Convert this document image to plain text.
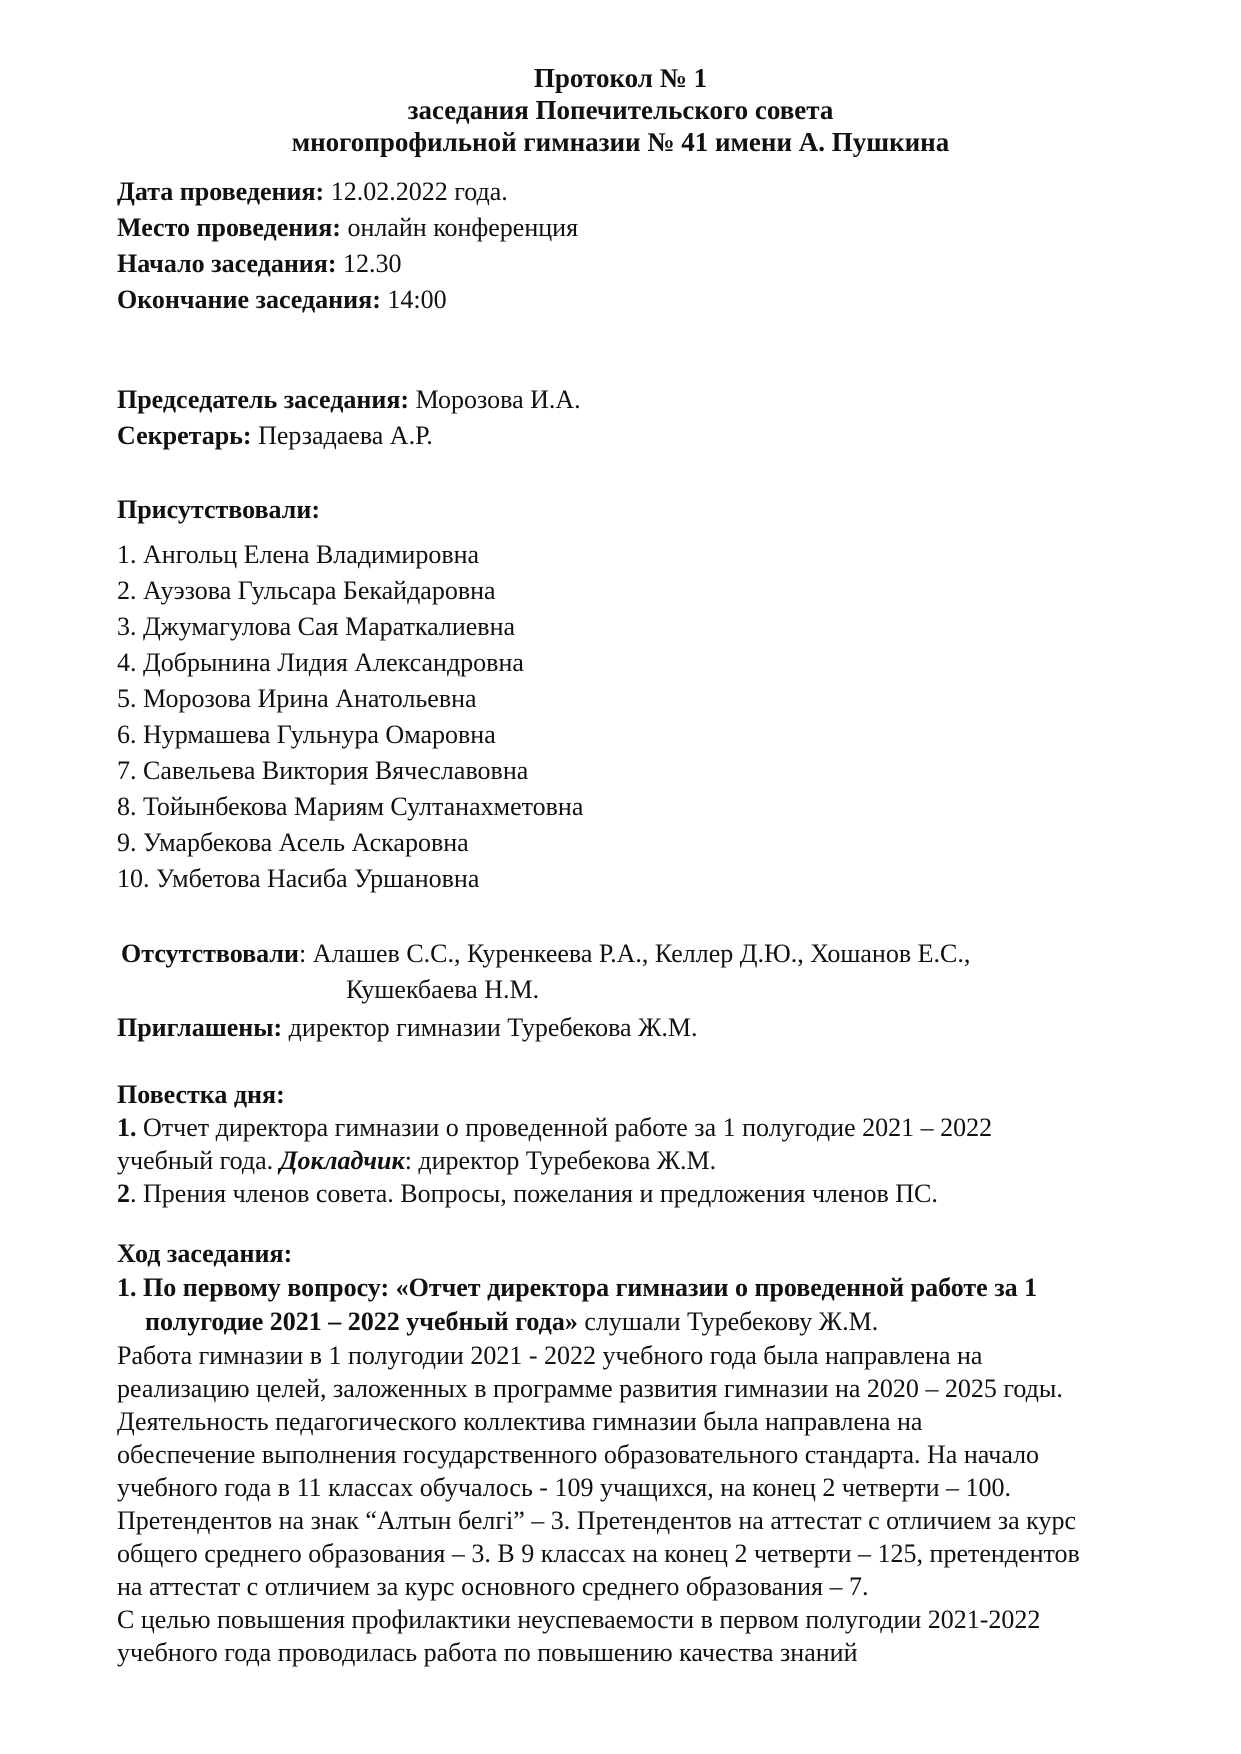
Протокол № 1
заседания Попечительского совета
многопрофильной гимназии № 41 имени А. Пушкина
Дата проведения: 12.02.2022 года.
Место проведения: онлайн конференция
Начало заседания: 12.30
Окончание заседания: 14:00
Председатель заседания: Морозова И.А.
Секретарь: Перзадаева А.Р.
Присутствовали:
1. Ангольц Елена Владимировна
2. Ауэзова Гульсара Бекайдаровна
3. Джумагулова Сая Мараткалиевна
4. Добрынина Лидия Александровна
5. Морозова Ирина Анатольевна
6. Нурмашева Гульнура Омаровна
7. Савельева Виктория Вячеславовна
8. Тойынбекова Мариям Султанахметовна
9. Умарбекова Асель Аскаровна
10. Умбетова Насиба Уршановна
Отсутствовали: Алашев С.С., Куренкеева Р.А., Келлер Д.Ю., Хошанов Е.С.,
Кушекбаева Н.М.
Приглашены: директор гимназии Туребекова Ж.М.
Повестка дня:
1. Отчет директора гимназии о проведенной работе за 1 полугодие 2021 – 2022
учебный года. Докладчик: директор Туребекова Ж.М.
2. Прения членов совета. Вопросы, пожелания и предложения членов ПС.
Ход заседания:
1. По первому вопросу: «Отчет директора гимназии о проведенной работе за 1
полугодие 2021 – 2022 учебный года» слушали Туребекову Ж.М.
Работа гимназии в 1 полугодии 2021 - 2022 учебного года была направлена на
реализацию целей, заложенных в программе развития гимназии на 2020 – 2025 годы.
Деятельность педагогического коллектива гимназии была направлена на
обеспечение выполнения государственного образовательного стандарта. На начало
учебного года в 11 классах обучалось - 109 учащихся, на конец 2 четверти – 100.
Претендентов на знак “Алтын белгі” – 3. Претендентов на аттестат с отличием за курс
общего среднего образования – 3. В 9 классах на конец 2 четверти – 125, претендентов
на аттестат с отличием за курс основного среднего образования – 7.
С целью повышения профилактики неуспеваемости в первом полугодии 2021-2022
учебного года проводилась работа по повышению качества знаний
